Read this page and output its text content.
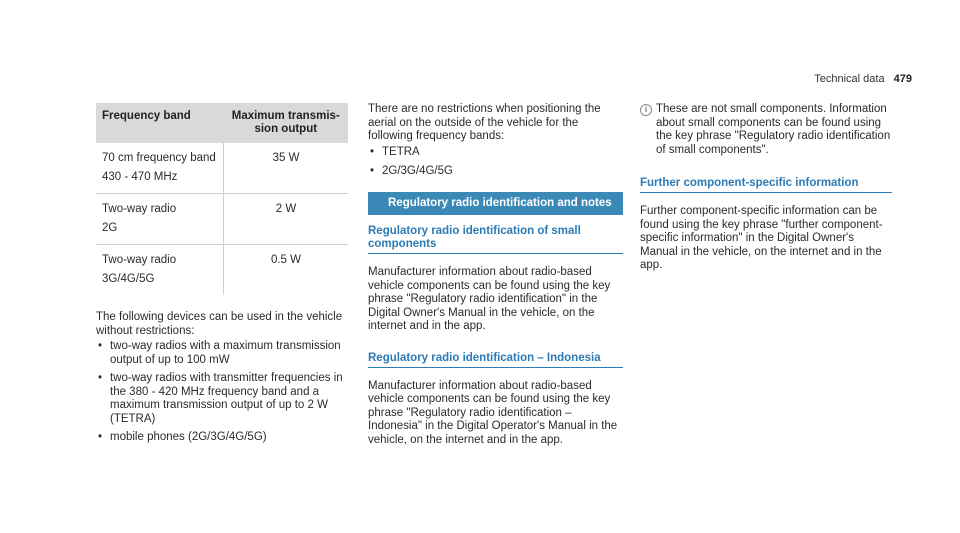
Technical data 479
Frequency band	Maximum transmis-
sion output

70 cm frequency band
430 - 470 MHz	35 W

Two-way radio
2G	2 W

Two-way radio
3G/4G/5G	0.5 W
The following devices can be used in the vehicle without restrictions:
• two-way radios with a maximum transmission output of up to 100 mW
• two-way radios with transmitter frequencies in the 380 - 420 MHz frequency band and a maximum transmission output of up to 2 W (TETRA)
• mobile phones (2G/3G/4G/5G)
There are no restrictions when positioning the aerial on the outside of the vehicle for the following frequency bands:
• TETRA
• 2G/3G/4G/5G
Regulatory radio identification and notes
Regulatory radio identification of small components
Manufacturer information about radio-based vehicle components can be found using the key phrase "Regulatory radio identification" in the Digital Owner's Manual in the vehicle, on the internet and in the app.
Regulatory radio identification – Indonesia
Manufacturer information about radio-based vehicle components can be found using the key phrase "Regulatory radio identification – Indonesia" in the Digital Operator's Manual in the vehicle, on the internet and in the app.
i These are not small components. Information about small components can be found using the key phrase "Regulatory radio identification of small components".
Further component-specific information
Further component-specific information can be found using the key phrase "further component-specific information" in the Digital Owner's Manual in the vehicle, on the internet and in the app.
